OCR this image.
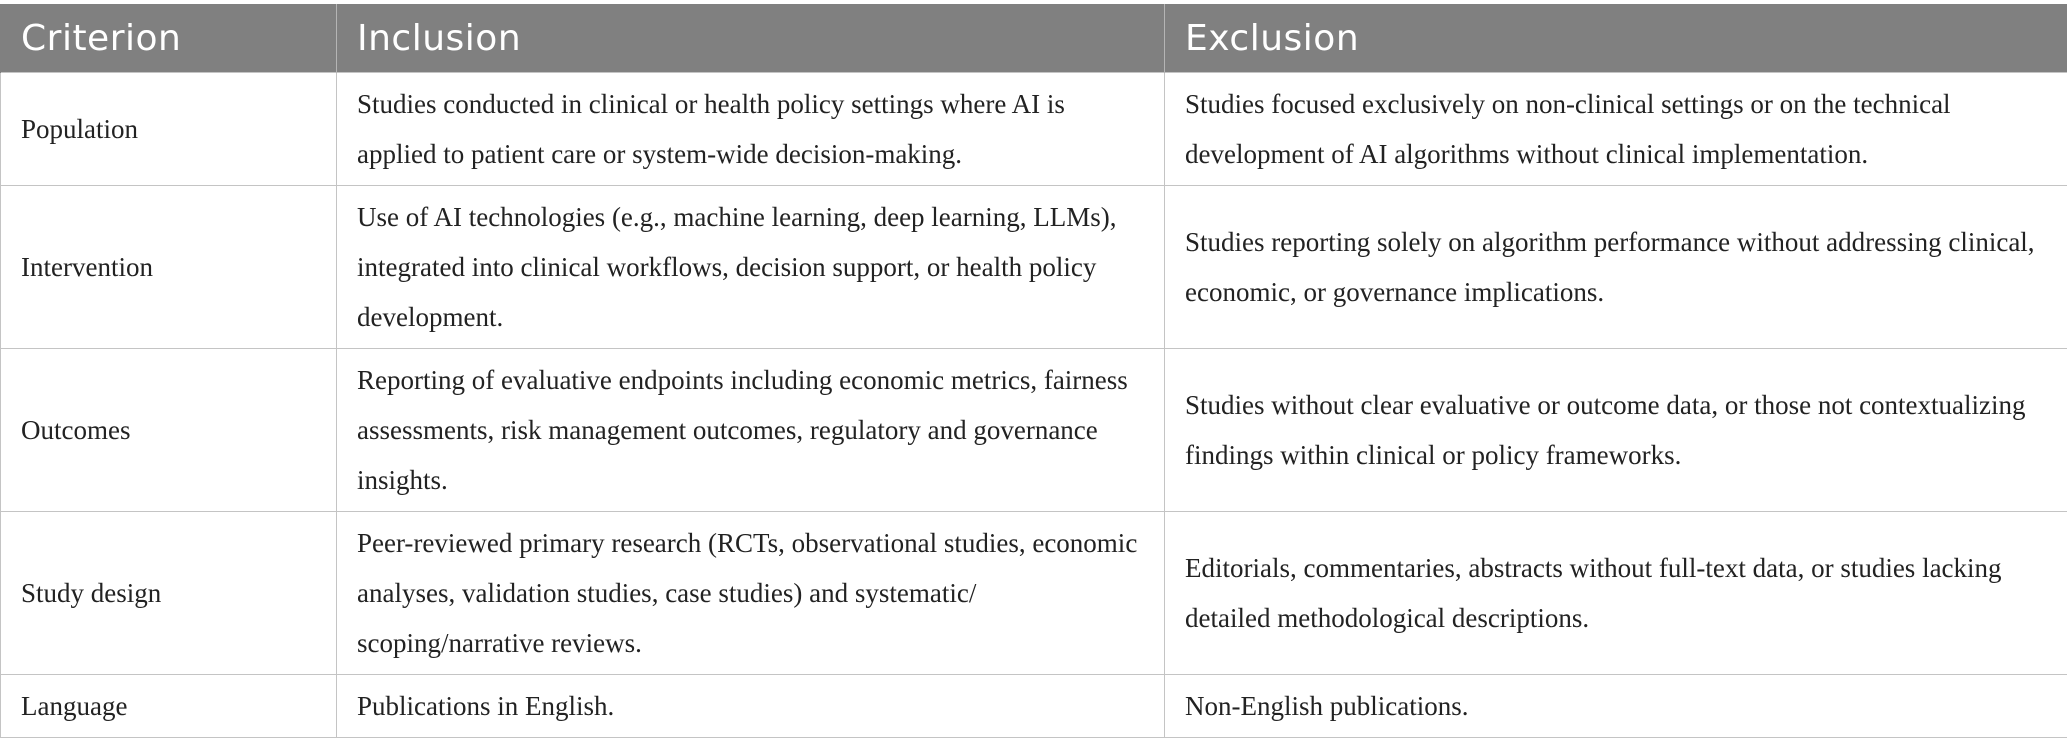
Criterion	Inclusion	Exclusion
Population	Studies conducted in clinical or health policy settings where AI is applied to patient care or system-wide decision-making.	Studies focused exclusively on non-clinical settings or on the technical development of AI algorithms without clinical implementation.
Intervention	Use of AI technologies (e.g., machine learning, deep learning, LLMs), integrated into clinical workflows, decision support, or health policy development.	Studies reporting solely on algorithm performance without addressing clinical, economic, or governance implications.
Outcomes	Reporting of evaluative endpoints including economic metrics, fairness assessments, risk management outcomes, regulatory and governance insights.	Studies without clear evaluative or outcome data, or those not contextualizing findings within clinical or policy frameworks.
Study design	Peer-reviewed primary research (RCTs, observational studies, economic analyses, validation studies, case studies) and systematic/ scoping/narrative reviews.	Editorials, commentaries, abstracts without full-text data, or studies lacking detailed methodological descriptions.
Language	Publications in English.	Non-English publications.
